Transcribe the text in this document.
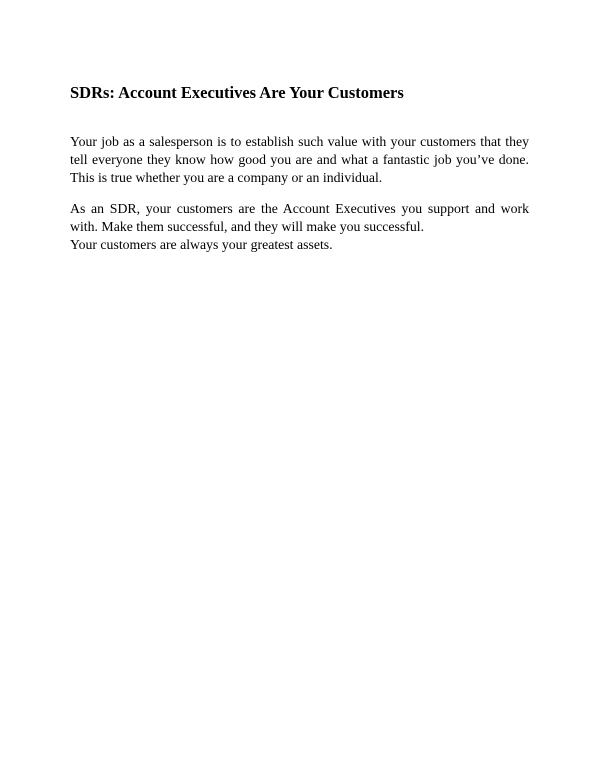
SDRs: Account Executives Are Your Customers

Your job as a salesperson is to establish such value with your customers that they tell everyone they know how good you are and what a fantastic job you’ve done. This is true whether you are a company or an individual.

As an SDR, your customers are the Account Executives you support and work with. Make them successful, and they will make you successful.
Your customers are always your greatest assets.
